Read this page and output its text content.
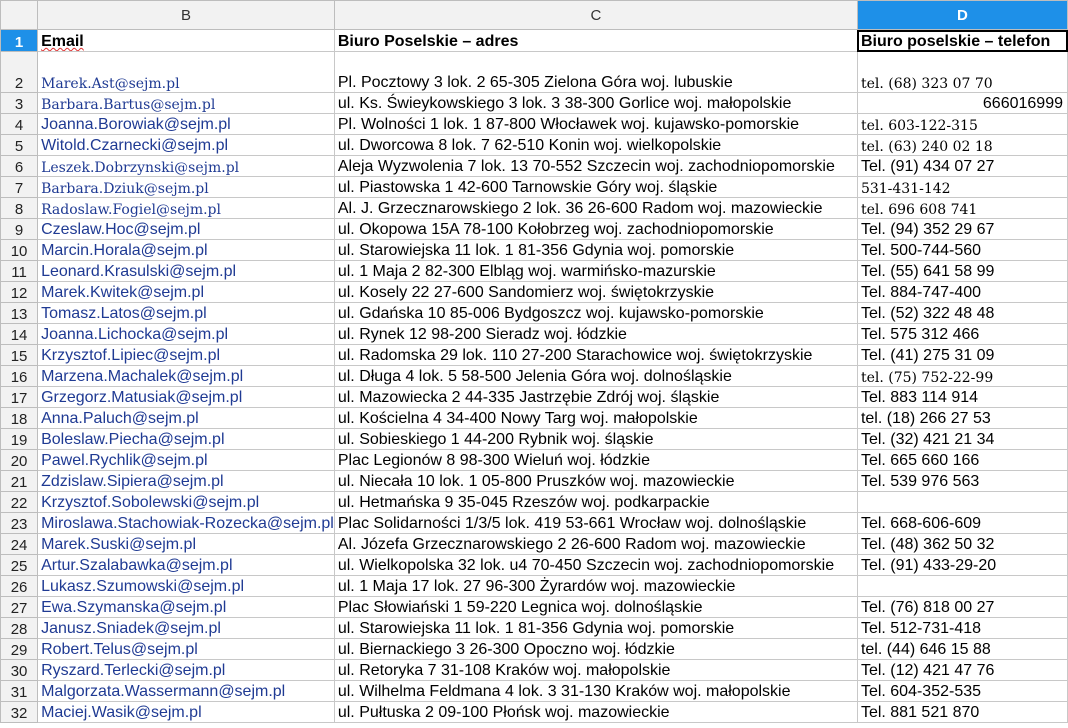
	B	C	D
1	Email	Biuro Poselskie – adres	Biuro poselskie – telefon
2	Marek.Ast@sejm.pl	Pl. Pocztowy 3 lok. 2 65-305 Zielona Góra woj. lubuskie	tel. (68) 323 07 70
3	Barbara.Bartus@sejm.pl	ul. Ks. Świeykowskiego 3 lok. 3 38-300 Gorlice woj. małopolskie	666016999
4	Joanna.Borowiak@sejm.pl	Pl. Wolności 1 lok. 1 87-800 Włocławek woj. kujawsko-pomorskie	tel. 603-122-315
5	Witold.Czarnecki@sejm.pl	ul. Dworcowa 8 lok. 7 62-510 Konin woj. wielkopolskie	tel. (63) 240 02 18
6	Leszek.Dobrzynski@sejm.pl	Aleja Wyzwolenia 7 lok. 13 70-552 Szczecin woj. zachodniopomorskie	Tel. (91) 434 07 27
7	Barbara.Dziuk@sejm.pl	ul. Piastowska 1 42-600 Tarnowskie Góry woj. śląskie	531-431-142
8	Radoslaw.Fogiel@sejm.pl	Al. J. Grzecznarowskiego 2 lok. 36 26-600 Radom woj. mazowieckie	tel. 696 608 741
9	Czeslaw.Hoc@sejm.pl	ul. Okopowa 15A 78-100 Kołobrzeg woj. zachodniopomorskie	Tel. (94) 352 29 67
10	Marcin.Horala@sejm.pl	ul. Starowiejska 11 lok. 1 81-356 Gdynia woj. pomorskie	Tel. 500-744-560
11	Leonard.Krasulski@sejm.pl	ul. 1 Maja 2 82-300 Elbląg woj. warmińsko-mazurskie	Tel. (55) 641 58 99
12	Marek.Kwitek@sejm.pl	ul. Kosely 22 27-600 Sandomierz woj. świętokrzyskie	Tel. 884-747-400
13	Tomasz.Latos@sejm.pl	ul. Gdańska 10 85-006 Bydgoszcz woj. kujawsko-pomorskie	Tel. (52) 322 48 48
14	Joanna.Lichocka@sejm.pl	ul. Rynek 12 98-200 Sieradz woj. łódzkie	Tel. 575 312 466
15	Krzysztof.Lipiec@sejm.pl	ul. Radomska 29 lok. 110 27-200 Starachowice woj. świętokrzyskie	Tel. (41) 275 31 09
16	Marzena.Machalek@sejm.pl	ul. Długa 4 lok. 5 58-500 Jelenia Góra woj. dolnośląskie	tel. (75) 752-22-99
17	Grzegorz.Matusiak@sejm.pl	ul. Mazowiecka 2 44-335 Jastrzębie Zdrój woj. śląskie	Tel. 883 114 914
18	Anna.Paluch@sejm.pl	ul. Kościelna 4 34-400 Nowy Targ woj. małopolskie	tel. (18) 266 27 53
19	Boleslaw.Piecha@sejm.pl	ul. Sobieskiego 1 44-200 Rybnik woj. śląskie	Tel. (32) 421 21 34
20	Pawel.Rychlik@sejm.pl	Plac Legionów 8 98-300 Wieluń woj. łódzkie	Tel. 665 660 166
21	Zdzislaw.Sipiera@sejm.pl	ul. Niecała 10 lok. 1 05-800 Pruszków woj. mazowieckie	Tel. 539 976 563
22	Krzysztof.Sobolewski@sejm.pl	ul. Hetmańska 9 35-045 Rzeszów woj. podkarpackie	
23	Miroslawa.Stachowiak-Rozecka@sejm.pl	Plac Solidarności 1/3/5 lok. 419 53-661 Wrocław woj. dolnośląskie	Tel. 668-606-609
24	Marek.Suski@sejm.pl	Al. Józefa Grzecznarowskiego 2 26-600 Radom woj. mazowieckie	Tel. (48) 362 50 32
25	Artur.Szalabawka@sejm.pl	ul. Wielkopolska 32 lok. u4 70-450 Szczecin woj. zachodniopomorskie	Tel. (91) 433-29-20
26	Lukasz.Szumowski@sejm.pl	ul. 1 Maja 17 lok. 27 96-300 Żyrardów woj. mazowieckie	
27	Ewa.Szymanska@sejm.pl	Plac Słowiański 1 59-220 Legnica woj. dolnośląskie	Tel. (76) 818 00 27
28	Janusz.Sniadek@sejm.pl	ul. Starowiejska 11 lok. 1 81-356 Gdynia woj. pomorskie	Tel. 512-731-418
29	Robert.Telus@sejm.pl	ul. Biernackiego 3 26-300 Opoczno woj. łódzkie	tel. (44) 646 15 88
30	Ryszard.Terlecki@sejm.pl	ul. Retoryka 7 31-108 Kraków woj. małopolskie	Tel. (12) 421 47 76
31	Malgorzata.Wassermann@sejm.pl	ul. Wilhelma Feldmana 4 lok. 3 31-130 Kraków woj. małopolskie	Tel. 604-352-535
32	Maciej.Wasik@sejm.pl	ul. Pułtuska 2 09-100 Płońsk woj. mazowieckie	Tel. 881 521 870
